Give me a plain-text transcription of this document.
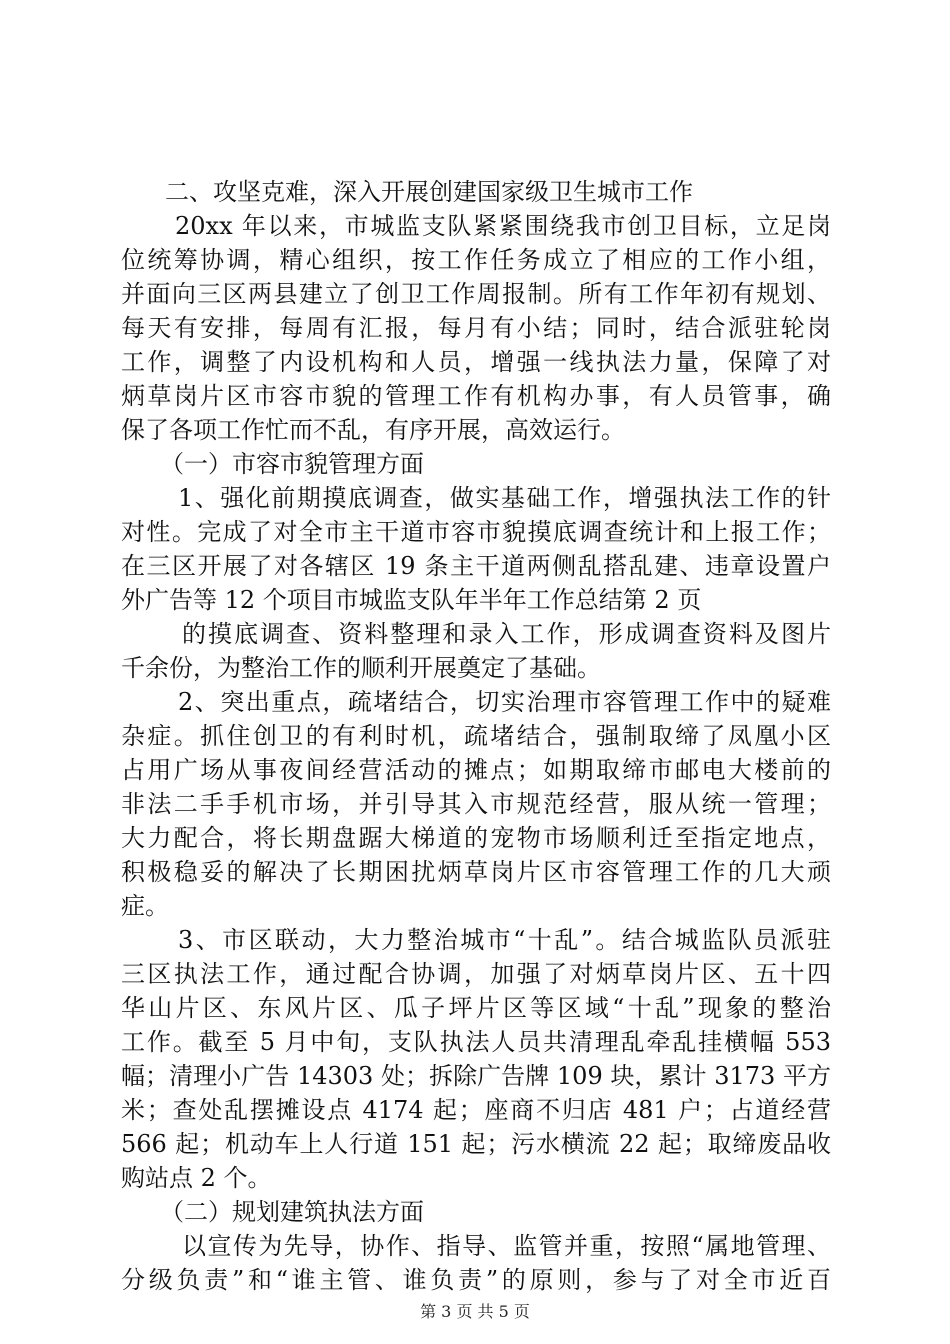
二、攻坚克难，深入开展创建国家级卫生城市工作
20xx 年以来，市城监支队紧紧围绕我市创卫目标，立足岗
位统筹协调，精心组织，按工作任务成立了相应的工作小组，
并面向三区两县建立了创卫工作周报制。所有工作年初有规划、
每天有安排，每周有汇报，每月有小结；同时，结合派驻轮岗
工作，调整了内设机构和人员，增强一线执法力量，保障了对
炳草岗片区市容市貌的管理工作有机构办事，有人员管事，确
保了各项工作忙而不乱，有序开展，高效运行。
（一）市容市貌管理方面
1、强化前期摸底调查，做实基础工作，增强执法工作的针
对性。完成了对全市主干道市容市貌摸底调查统计和上报工作；
在三区开展了对各辖区 19 条主干道两侧乱搭乱建、违章设置户
外广告等 12 个项目市城监支队年半年工作总结第 2 页
的摸底调查、资料整理和录入工作，形成调查资料及图片
千余份，为整治工作的顺利开展奠定了基础。
2、突出重点，疏堵结合，切实治理市容管理工作中的疑难
杂症。抓住创卫的有利时机，疏堵结合，强制取缔了凤凰小区
占用广场从事夜间经营活动的摊点；如期取缔市邮电大楼前的
非法二手手机市场，并引导其入市规范经营，服从统一管理；
大力配合，将长期盘踞大梯道的宠物市场顺利迁至指定地点，
积极稳妥的解决了长期困扰炳草岗片区市容管理工作的几大顽
症。
3、市区联动，大力整治城市“十乱”。结合城监队员派驻
三区执法工作，通过配合协调，加强了对炳草岗片区、五十四
华山片区、东风片区、瓜子坪片区等区域“十乱”现象的整治
工作。截至 5 月中旬，支队执法人员共清理乱牵乱挂横幅 553
幅；清理小广告 14303 处；拆除广告牌 109 块，累计 3173 平方
米；查处乱摆摊设点 4174 起；座商不归店 481 户；占道经营
566 起；机动车上人行道 151 起；污水横流 22 起；取缔废品收
购站点 2 个。
（二）规划建筑执法方面
以宣传为先导，协作、指导、监管并重，按照“属地管理、
分级负责”和“谁主管、谁负责”的原则，参与了对全市近百
第 3 页 共 5 页
